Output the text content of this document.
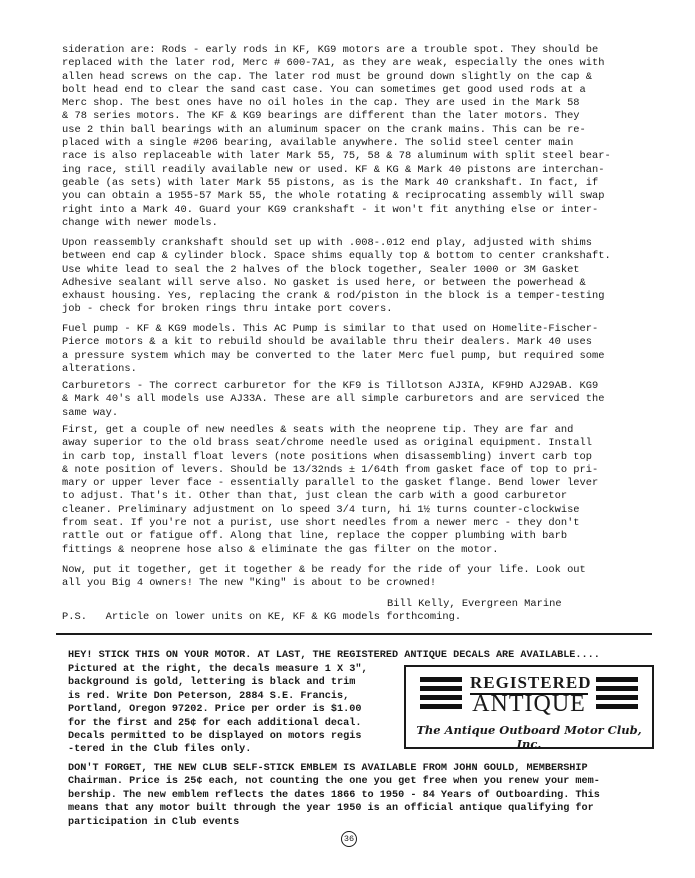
sideration are: Rods - early rods in KF, KG9 motors are a trouble spot. They should be

replaced with the later rod, Merc # 600-7A1, as they are weak, especially the ones with

allen head screws on the cap. The later rod must be ground down slightly on the cap &

bolt head end to clear the sand cast case. You can sometimes get good used rods at a

Merc shop. The best ones have no oil holes in the cap. They are used in the Mark 58

& 78 series motors. The KF & KG9 bearings are different than the later motors. They

use 2 thin ball bearings with an aluminum spacer on the crank mains. This can be re-

placed with a single #206 bearing, available anywhere. The solid steel center main

race is also replaceable with later Mark 55, 75, 58 & 78 aluminum with split steel bear-

ing race, still readily available new or used. KF & KG & Mark 40 pistons are interchan-

geable (as sets) with later Mark 55 pistons, as is the Mark 40 crankshaft. In fact, if

you can obtain a 1955-57 Mark 55, the whole rotating & reciprocating assembly will swap

right into a Mark 40. Guard your KG9 crankshaft - it won't fit anything else or inter-

change with newer models.

Upon reassembly crankshaft should set up with .008-.012 end play, adjusted with shims

between end cap & cylinder block. Space shims equally top & bottom to center crankshaft.

Use white lead to seal the 2 halves of the block together, Sealer 1000 or 3M Gasket

Adhesive sealant will serve also. No gasket is used here, or between the powerhead &

exhaust housing. Yes, replacing the crank & rod/piston in the block is a temper-testing

job - check for broken rings thru intake port covers.

Fuel pump - KF & KG9 models. This AC Pump is similar to that used on Homelite-Fischer-

Pierce motors & a kit to rebuild should be available thru their dealers. Mark 40 uses

a pressure system which may be converted to the later Merc fuel pump, but required some

alterations.

Carburetors - The correct carburetor for the KF9 is Tillotson AJ3IA, KF9HD AJ29AB. KG9

& Mark 40's all models use AJ33A. These are all simple carburetors and are serviced the

same way.

First, get a couple of new needles & seats with the neoprene tip. They are far and

away superior to the old brass seat/chrome needle used as original equipment. Install

in carb top, install float levers (note positions when disassembling) invert carb top

& note position of levers. Should be 13/32nds ± 1/64th from gasket face of top to pri-

mary or upper lever face - essentially parallel to the gasket flange. Bend lower lever

to adjust. That's it. Other than that, just clean the carb with a good carburetor

cleaner. Preliminary adjustment on lo speed 3/4 turn, hi 1½ turns counter-clockwise

from seat. If you're not a purist, use short needles from a newer merc - they don't

rattle out or fatigue off. Along that line, replace the copper plumbing with barb

fittings & neoprene hose also & eliminate the gas filter on the motor.

Now, put it together, get it together & be ready for the ride of your life. Look out

all you Big 4 owners! The new "King" is about to be crowned!

Bill Kelly, Evergreen Marine
P.S.   Article on lower units on KE, KF & KG models forthcoming.
HEY! STICK THIS ON YOUR MOTOR. AT LAST, THE REGISTERED ANTIQUE DECALS ARE AVAILABLE....

Pictured at the right, the decals measure 1 X 3",

background is gold, lettering is black and trim

is red. Write Don Peterson, 2884 S.E. Francis,

Portland, Oregon 97202. Price per order is $1.00

for the first and 25¢ for each additional decal.

Decals permitted to be displayed on motors regis

-tered in the Club files only.

REGISTERED
ANTIQUE
The Antique Outboard Motor Club, Inc.

DON'T FORGET, THE NEW CLUB SELF-STICK EMBLEM IS AVAILABLE FROM JOHN GOULD, MEMBERSHIP

Chairman. Price is 25¢ each, not counting the one you get free when you renew your mem-

bership. The new emblem reflects the dates 1866 to 1950 - 84 Years of Outboarding. This

means that any motor built through the year 1950 is an official antique qualifying for

participation in Club events

36
